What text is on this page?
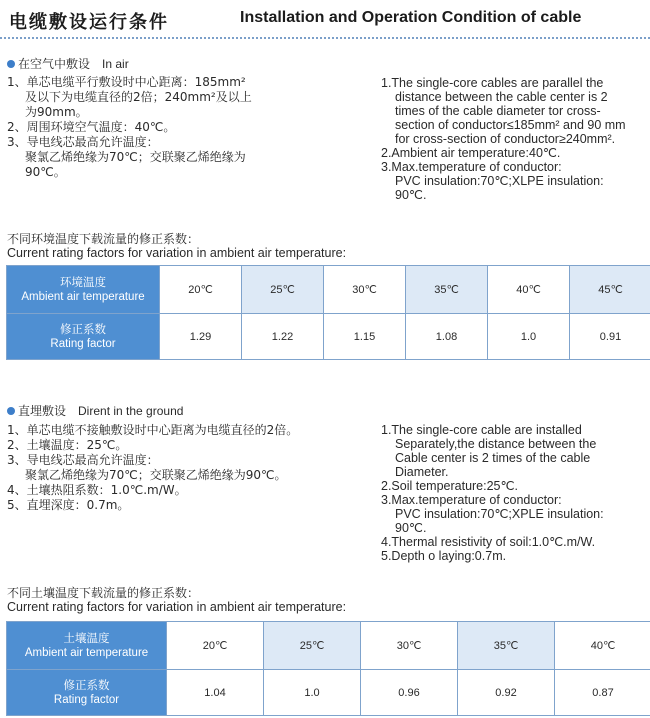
电缆敷设运行条件	Installation and Operation Condition of cable
在空气中敷设 In air
1、单芯电缆平行敷设时中心距离：185mm²
及以下为电缆直径的2倍；240mm²及以上
为90mm。
2、周围环境空气温度：40℃。
3、导电线芯最高允许温度：
聚氯乙烯绝缘为70℃；交联聚乙烯绝缘为
90℃。
1.The single-core cables are parallel the
distance between the cable center is 2
times of the cable diameter tor cross-
section of conductor≤185mm² and 90 mm
for cross-section of conductor≥240mm².
2.Ambient air temperature:40℃.
3.Max.temperature of conductor:
PVC insulation:70℃;XLPE insulation:
90℃.
不同环境温度下载流量的修正系数：
Current rating factors for variation in ambient air temperature:
环境温度
Ambient air temperature	20℃	25℃	30℃	35℃	40℃	45℃

修正系数
Rating factor	1.29	1.22	1.15	1.08	1.0	0.91
直埋敷设 Dirent in the ground
1、单芯电缆不接触敷设时中心距离为电缆直径的2倍。
2、土壤温度：25℃。
3、导电线芯最高允许温度：
聚氯乙烯绝缘为70℃；交联聚乙烯绝缘为90℃。
4、土壤热阻系数：1.0℃.m/W。
5、直埋深度：0.7m。
1.The single-core cable are installed
Separately,the distance between the
Cable center is 2 times of the cable
Diameter.
2.Soil temperature:25℃.
3.Max.temperature of conductor:
PVC insulation:70℃;XPLE insulation:
90℃.
4.Thermal resistivity of soil:1.0℃.m/W.
5.Depth o laying:0.7m.
不同土壤温度下载流量的修正系数：
Current rating factors for variation in ambient air temperature:
土壤温度
Ambient air temperature	20℃	25℃	30℃	35℃	40℃

修正系数
Rating factor	1.04	1.0	0.96	0.92	0.87
